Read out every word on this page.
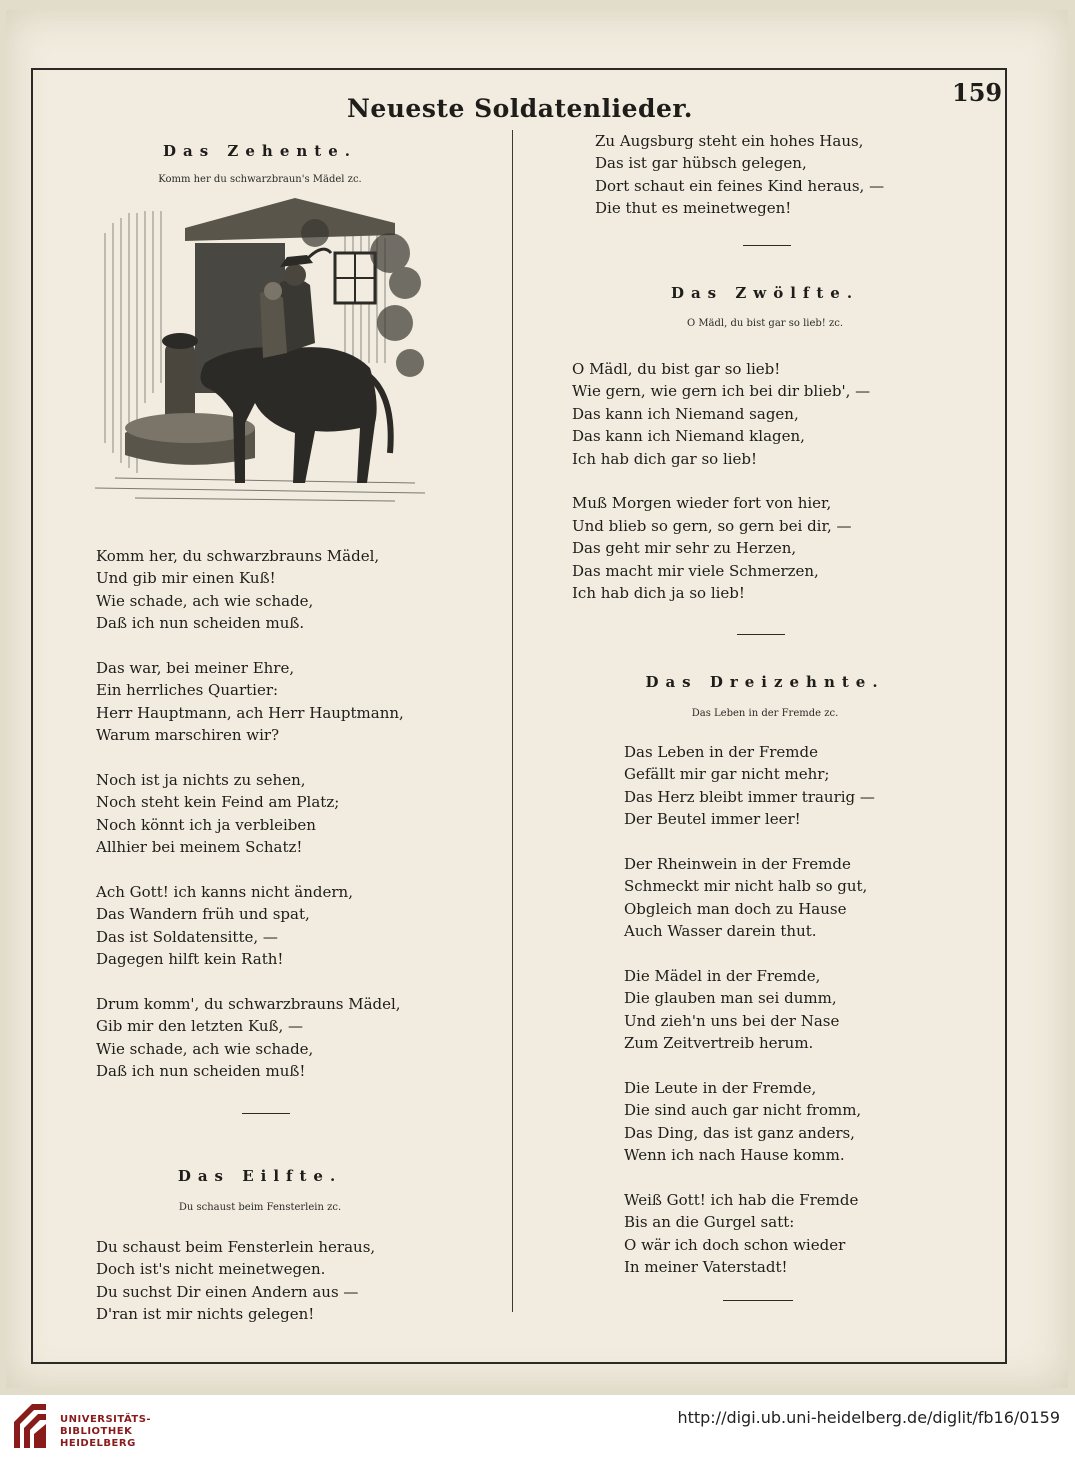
159
Neueste Soldatenlieder.
Das Zehente.
Komm her du schwarzbraun's Mädel zc.
Komm her, du schwarzbrauns Mädel,
Und gib mir einen Kuß!
Wie schade, ach wie schade,
Daß ich nun scheiden muß.
Das war, bei meiner Ehre,
Ein herrliches Quartier:
Herr Hauptmann, ach Herr Hauptmann,
Warum marschiren wir?
Noch ist ja nichts zu sehen,
Noch steht kein Feind am Platz;
Noch könnt ich ja verbleiben
Allhier bei meinem Schatz!
Ach Gott! ich kanns nicht ändern,
Das Wandern früh und spat,
Das ist Soldatensitte, —
Dagegen hilft kein Rath!
Drum komm', du schwarzbrauns Mädel,
Gib mir den letzten Kuß, —
Wie schade, ach wie schade,
Daß ich nun scheiden muß!
Das Eilfte.
Du schaust beim Fensterlein zc.
Du schaust beim Fensterlein heraus,
Doch ist's nicht meinetwegen.
Du suchst Dir einen Andern aus —
D'ran ist mir nichts gelegen!
Zu Augsburg steht ein hohes Haus,
Das ist gar hübsch gelegen,
Dort schaut ein feines Kind heraus, —
Die thut es meinetwegen!
Das Zwölfte.
O Mädl, du bist gar so lieb! zc.
O Mädl, du bist gar so lieb!
Wie gern, wie gern ich bei dir blieb', —
Das kann ich Niemand sagen,
Das kann ich Niemand klagen,
Ich hab dich gar so lieb!
Muß Morgen wieder fort von hier,
Und blieb so gern, so gern bei dir, —
Das geht mir sehr zu Herzen,
Das macht mir viele Schmerzen,
Ich hab dich ja so lieb!
Das Dreizehnte.
Das Leben in der Fremde zc.
Das Leben in der Fremde
Gefällt mir gar nicht mehr;
Das Herz bleibt immer traurig —
Der Beutel immer leer!
Der Rheinwein in der Fremde
Schmeckt mir nicht halb so gut,
Obgleich man doch zu Hause
Auch Wasser darein thut.
Die Mädel in der Fremde,
Die glauben man sei dumm,
Und zieh'n uns bei der Nase
Zum Zeitvertreib herum.
Die Leute in der Fremde,
Die sind auch gar nicht fromm,
Das Ding, das ist ganz anders,
Wenn ich nach Hause komm.
Weiß Gott! ich hab die Fremde
Bis an die Gurgel satt:
O wär ich doch schon wieder
In meiner Vaterstadt!
UNIVERSITÄTS-
BIBLIOTHEK
HEIDELBERG
http://digi.ub.uni-heidelberg.de/diglit/fb16/0159
